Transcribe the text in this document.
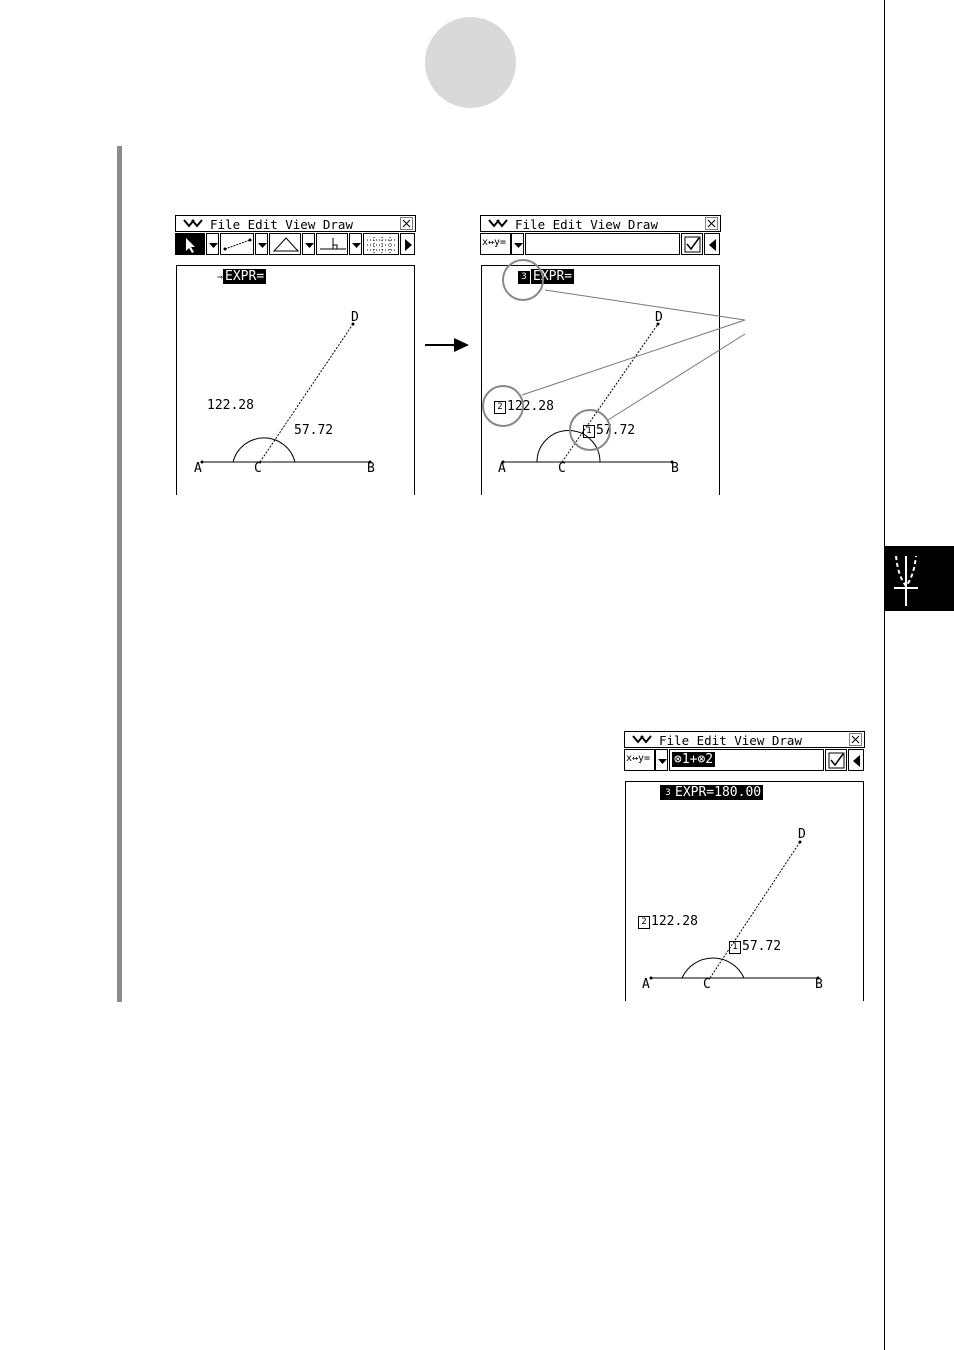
File Edit View Draw
⇒ EXPR=
122.28
57.72
A	C	B
D
File Edit View Draw
x↔y=
3 EXPR=
2 122.28
1 57.72
A	C	B
D
File Edit View Draw
x↔y= ⊗1+⊗2
3 EXPR=180.00
2 122.28
1 57.72
A	C	B
D
